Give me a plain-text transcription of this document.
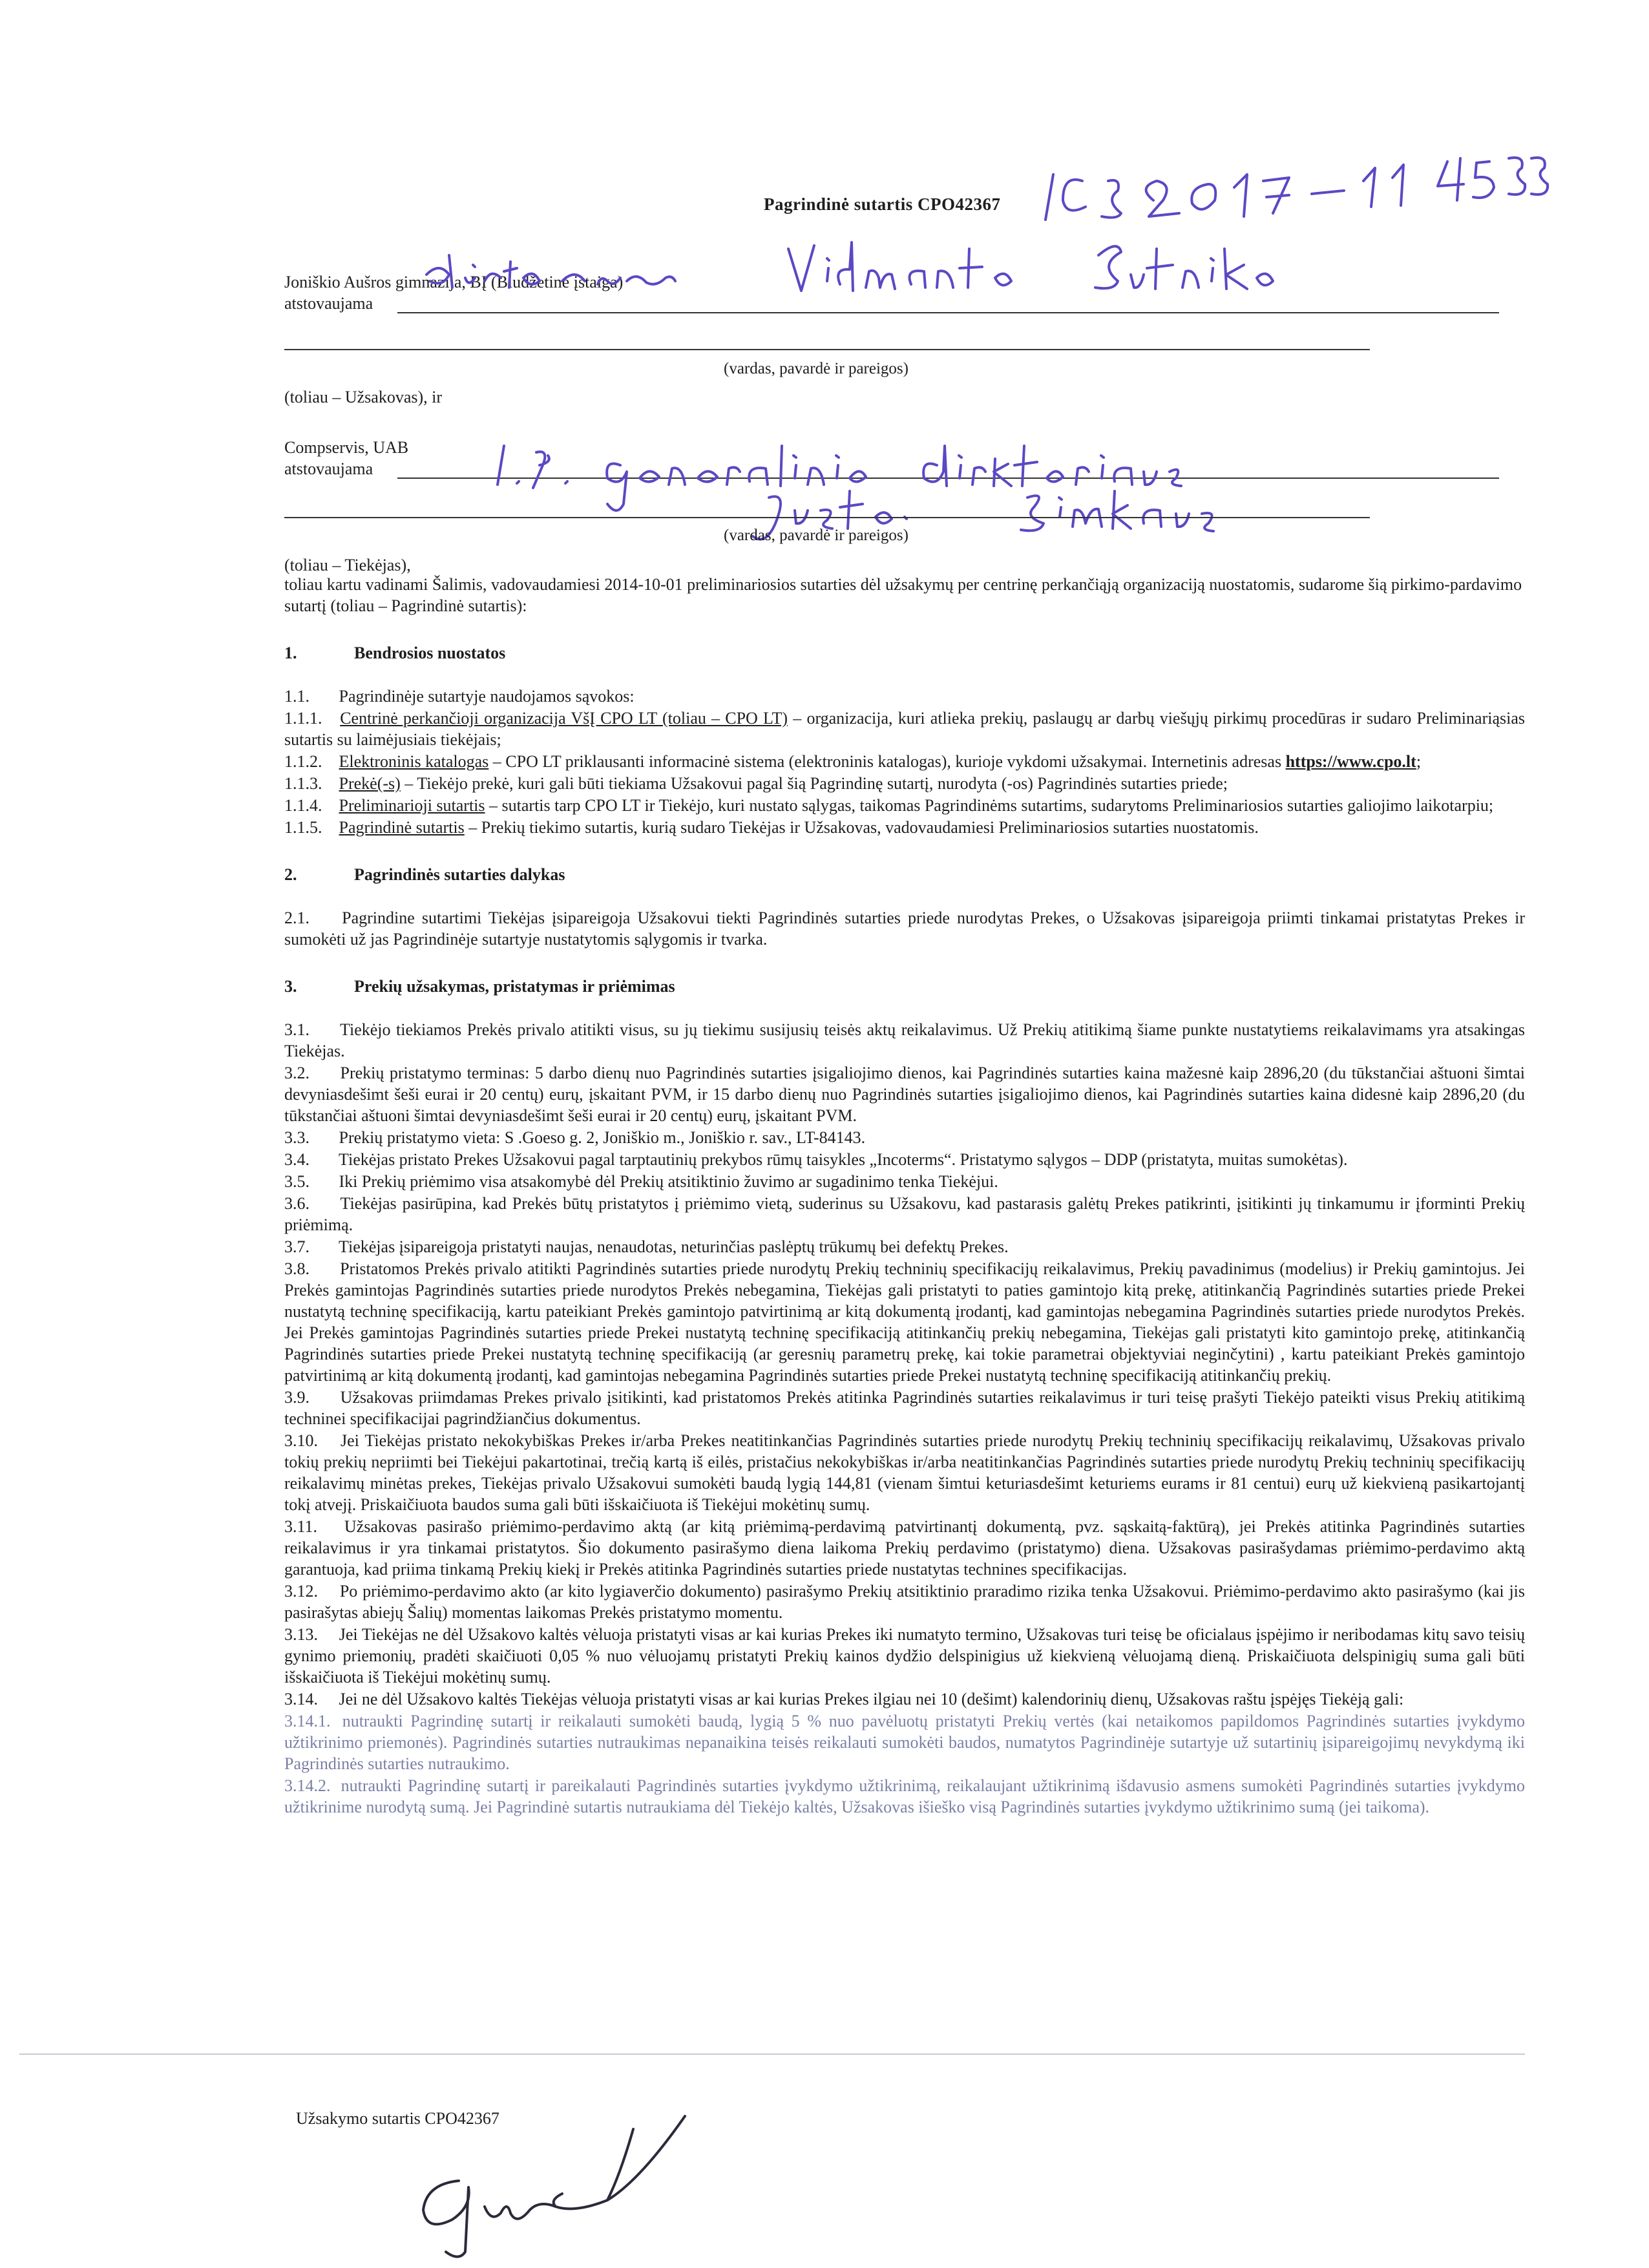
Pagrindinė sutartis CPO42367
Joniškio Aušros gimnazija, BĮ (Biudžetinė įstaiga)
atstovaujama
(vardas, pavardė ir pareigos)
(toliau – Užsakovas), ir
Compservis, UAB
atstovaujama
(vardas, pavardė ir pareigos)
(toliau – Tiekėjas),

toliau kartu vadinami Šalimis, vadovaudamiesi 2014-10-01 preliminariosios sutarties dėl užsakymų per centrinę perkančiąją organizaciją nuostatomis, sudarome šią pirkimo-pardavimo sutartį (toliau – Pagrindinė sutartis):

1.	Bendrosios nuostatos

1.1. Pagrindinėje sutartyje naudojamos sąvokos:

1.1.1. Centrinė perkančioji organizacija VšĮ CPO LT (toliau – CPO LT) – organizacija, kuri atlieka prekių, paslaugų ar darbų viešųjų pirkimų procedūras ir sudaro Preliminariąsias sutartis su laimėjusiais tiekėjais;

1.1.2. Elektroninis katalogas – CPO LT priklausanti informacinė sistema (elektroninis katalogas), kurioje vykdomi užsakymai. Internetinis adresas https://www.cpo.lt;

1.1.3. Prekė(-s) – Tiekėjo prekė, kuri gali būti tiekiama Užsakovui pagal šią Pagrindinę sutartį, nurodyta (-os) Pagrindinės sutarties priede;

1.1.4. Preliminarioji sutartis – sutartis tarp CPO LT ir Tiekėjo, kuri nustato sąlygas, taikomas Pagrindinėms sutartims, sudarytoms Preliminariosios sutarties galiojimo laikotarpiu;

1.1.5. Pagrindinė sutartis – Prekių tiekimo sutartis, kurią sudaro Tiekėjas ir Užsakovas, vadovaudamiesi Preliminariosios sutarties nuostatomis.

2.	Pagrindinės sutarties dalykas

2.1. Pagrindine sutartimi Tiekėjas įsipareigoja Užsakovui tiekti Pagrindinės sutarties priede nurodytas Prekes, o Užsakovas įsipareigoja priimti tinkamai pristatytas Prekes ir sumokėti už jas Pagrindinėje sutartyje nustatytomis sąlygomis ir tvarka.

3.	Prekių užsakymas, pristatymas ir priėmimas

3.1. Tiekėjo tiekiamos Prekės privalo atitikti visus, su jų tiekimu susijusių teisės aktų reikalavimus. Už Prekių atitikimą šiame punkte nustatytiems reikalavimams yra atsakingas Tiekėjas.

3.2. Prekių pristatymo terminas: 5 darbo dienų nuo Pagrindinės sutarties įsigaliojimo dienos, kai Pagrindinės sutarties kaina mažesnė kaip 2896,20 (du tūkstančiai aštuoni šimtai devyniasdešimt šeši eurai ir 20 centų) eurų, įskaitant PVM, ir 15 darbo dienų nuo Pagrindinės sutarties įsigaliojimo dienos, kai Pagrindinės sutarties kaina didesnė kaip 2896,20 (du tūkstančiai aštuoni šimtai devyniasdešimt šeši eurai ir 20 centų) eurų, įskaitant PVM.

3.3. Prekių pristatymo vieta: S .Goeso g. 2, Joniškio m., Joniškio r. sav., LT-84143.

3.4. Tiekėjas pristato Prekes Užsakovui pagal tarptautinių prekybos rūmų taisykles „Incoterms“. Pristatymo sąlygos – DDP (pristatyta, muitas sumokėtas).

3.5. Iki Prekių priėmimo visa atsakomybė dėl Prekių atsitiktinio žuvimo ar sugadinimo tenka Tiekėjui.

3.6. Tiekėjas pasirūpina, kad Prekės būtų pristatytos į priėmimo vietą, suderinus su Užsakovu, kad pastarasis galėtų Prekes patikrinti, įsitikinti jų tinkamumu ir įforminti Prekių priėmimą.

3.7. Tiekėjas įsipareigoja pristatyti naujas, nenaudotas, neturinčias paslėptų trūkumų bei defektų Prekes.

3.8. Pristatomos Prekės privalo atitikti Pagrindinės sutarties priede nurodytų Prekių techninių specifikacijų reikalavimus, Prekių pavadinimus (modelius) ir Prekių gamintojus. Jei Prekės gamintojas Pagrindinės sutarties priede nurodytos Prekės nebegamina, Tiekėjas gali pristatyti to paties gamintojo kitą prekę, atitinkančią Pagrindinės sutarties priede Prekei nustatytą techninę specifikaciją, kartu pateikiant Prekės gamintojo patvirtinimą ar kitą dokumentą įrodantį, kad gamintojas nebegamina Pagrindinės sutarties priede nurodytos Prekės. Jei Prekės gamintojas Pagrindinės sutarties priede Prekei nustatytą techninę specifikaciją atitinkančių prekių nebegamina, Tiekėjas gali pristatyti kito gamintojo prekę, atitinkančią Pagrindinės sutarties priede Prekei nustatytą techninę specifikaciją (ar geresnių parametrų prekę, kai tokie parametrai objektyviai neginčytini) , kartu pateikiant Prekės gamintojo patvirtinimą ar kitą dokumentą įrodantį, kad gamintojas nebegamina Pagrindinės sutarties priede Prekei nustatytą techninę specifikaciją atitinkančių prekių.

3.9. Užsakovas priimdamas Prekes privalo įsitikinti, kad pristatomos Prekės atitinka Pagrindinės sutarties reikalavimus ir turi teisę prašyti Tiekėjo pateikti visus Prekių atitikimą techninei specifikacijai pagrindžiančius dokumentus.

3.10. Jei Tiekėjas pristato nekokybiškas Prekes ir/arba Prekes neatitinkančias Pagrindinės sutarties priede nurodytų Prekių techninių specifikacijų reikalavimų, Užsakovas privalo tokių prekių nepriimti bei Tiekėjui pakartotinai, trečią kartą iš eilės, pristačius nekokybiškas ir/arba neatitinkančias Pagrindinės sutarties priede nurodytų Prekių techninių specifikacijų reikalavimų minėtas prekes, Tiekėjas privalo Užsakovui sumokėti baudą lygią 144,81 (vienam šimtui keturiasdešimt keturiems eurams ir 81 centui) eurų už kiekvieną pasikartojantį tokį atvejį. Priskaičiuota baudos suma gali būti išskaičiuota iš Tiekėjui mokėtinų sumų.

3.11. Užsakovas pasirašo priėmimo-perdavimo aktą (ar kitą priėmimą-perdavimą patvirtinantį dokumentą, pvz. sąskaitą-faktūrą), jei Prekės atitinka Pagrindinės sutarties reikalavimus ir yra tinkamai pristatytos. Šio dokumento pasirašymo diena laikoma Prekių perdavimo (pristatymo) diena. Užsakovas pasirašydamas priėmimo-perdavimo aktą garantuoja, kad priima tinkamą Prekių kiekį ir Prekės atitinka Pagrindinės sutarties priede nustatytas technines specifikacijas.

3.12. Po priėmimo-perdavimo akto (ar kito lygiaverčio dokumento) pasirašymo Prekių atsitiktinio praradimo rizika tenka Užsakovui. Priėmimo-perdavimo akto pasirašymo (kai jis pasirašytas abiejų Šalių) momentas laikomas Prekės pristatymo momentu.

3.13. Jei Tiekėjas ne dėl Užsakovo kaltės vėluoja pristatyti visas ar kai kurias Prekes iki numatyto termino, Užsakovas turi teisę be oficialaus įspėjimo ir neribodamas kitų savo teisių gynimo priemonių, pradėti skaičiuoti 0,05 % nuo vėluojamų pristatyti Prekių kainos dydžio delspinigius už kiekvieną vėluojamą dieną. Priskaičiuota delspinigių suma gali būti išskaičiuota iš Tiekėjui mokėtinų sumų.

3.14. Jei ne dėl Užsakovo kaltės Tiekėjas vėluoja pristatyti visas ar kai kurias Prekes ilgiau nei 10 (dešimt) kalendorinių dienų, Užsakovas raštu įspėjęs Tiekėją gali:

3.14.1. nutraukti Pagrindinę sutartį ir reikalauti sumokėti baudą, lygią 5 % nuo pavėluotų pristatyti Prekių vertės (kai netaikomos papildomos Pagrindinės sutarties įvykdymo užtikrinimo priemonės). Pagrindinės sutarties nutraukimas nepanaikina teisės reikalauti sumokėti baudos, numatytos Pagrindinėje sutartyje už sutartinių įsipareigojimų nevykdymą iki Pagrindinės sutarties nutraukimo.

3.14.2. nutraukti Pagrindinę sutartį ir pareikalauti Pagrindinės sutarties įvykdymo užtikrinimą, reikalaujant užtikrinimą išdavusio asmens sumokėti Pagrindinės sutarties įvykdymo užtikrinime nurodytą sumą. Jei Pagrindinė sutartis nutraukiama dėl Tiekėjo kaltės, Užsakovas išieško visą Pagrindinės sutarties įvykdymo užtikrinimo sumą (jei taikoma).

Užsakymo sutartis CPO42367
